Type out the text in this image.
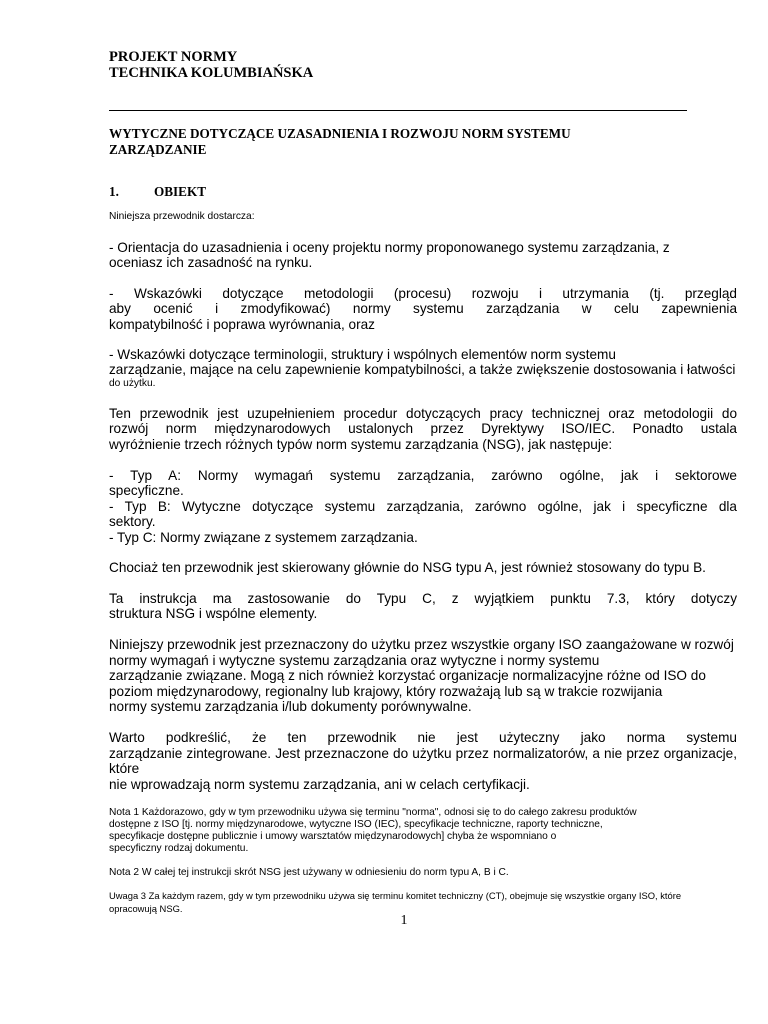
PROJEKT NORMY
TECHNIKA KOLUMBIAŃSKA
WYTYCZNE DOTYCZĄCE UZASADNIENIA I ROZWOJU NORM SYSTEMU
ZARZĄDZANIE
1.	OBIEKT

Niniejsza przewodnik dostarcza:

- Orientacja do uzasadnienia i oceny projektu normy proponowanego systemu zarządzania, z
oceniasz ich zasadność na rynku.
- Wskazówki dotyczące metodologii (procesu) rozwoju i utrzymania (tj. przegląd
aby ocenić i zmodyfikować) normy systemu zarządzania w celu zapewnienia
kompatybilność i poprawa wyrównania, oraz
- Wskazówki dotyczące terminologii, struktury i wspólnych elementów norm systemu
zarządzanie, mające na celu zapewnienie kompatybilności, a także zwiększenie dostosowania i łatwości
do użytku.
Ten przewodnik jest uzupełnieniem procedur dotyczących pracy technicznej oraz metodologii do
rozwój norm międzynarodowych ustalonych przez Dyrektywy ISO/IEC. Ponadto ustala
wyróżnienie trzech różnych typów norm systemu zarządzania (NSG), jak następuje:
- Typ A: Normy wymagań systemu zarządzania, zarówno ogólne, jak i sektorowe
specyficzne.
- Typ B: Wytyczne dotyczące systemu zarządzania, zarówno ogólne, jak i specyficzne dla
sektory.
- Typ C: Normy związane z systemem zarządzania.
Chociaż ten przewodnik jest skierowany głównie do NSG typu A, jest również stosowany do typu B.
Ta instrukcja ma zastosowanie do Typu C, z wyjątkiem punktu 7.3, który dotyczy
struktura NSG i wspólne elementy.
Niniejszy przewodnik jest przeznaczony do użytku przez wszystkie organy ISO zaangażowane w rozwój
normy wymagań i wytyczne systemu zarządzania oraz wytyczne i normy systemu
zarządzanie związane. Mogą z nich również korzystać organizacje normalizacyjne różne od ISO do
poziom międzynarodowy, regionalny lub krajowy, który rozważają lub są w trakcie rozwijania
normy systemu zarządzania i/lub dokumenty porównywalne.
Warto podkreślić, że ten przewodnik nie jest użyteczny jako norma systemu
zarządzanie zintegrowane. Jest przeznaczone do użytku przez normalizatorów, a nie przez organizacje, które
nie wprowadzają norm systemu zarządzania, ani w celach certyfikacji.
Nota 1 Każdorazowo, gdy w tym przewodniku używa się terminu "norma", odnosi się to do całego zakresu produktów
dostępne z ISO [tj. normy międzynarodowe, wytyczne ISO (IEC), specyfikacje techniczne, raporty techniczne,
specyfikacje dostępne publicznie i umowy warsztatów międzynarodowych] chyba że wspomniano o
specyficzny rodzaj dokumentu.
Nota 2 W całej tej instrukcji skrót NSG jest używany w odniesieniu do norm typu A, B i C.
Uwaga 3 Za każdym razem, gdy w tym przewodniku używa się terminu komitet techniczny (CT), obejmuje się wszystkie organy ISO, które
opracowują NSG.
1
